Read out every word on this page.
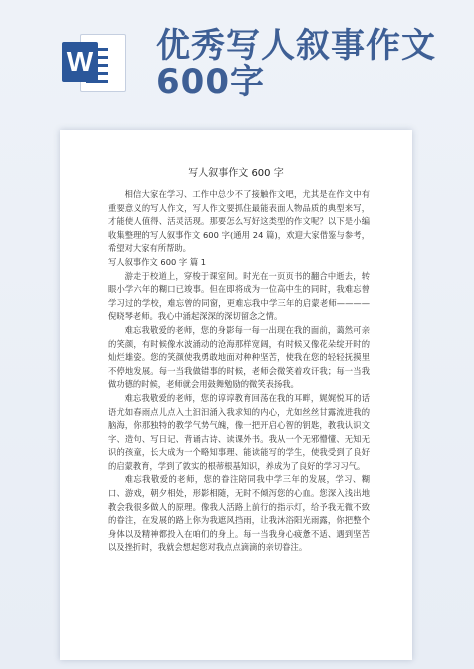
W 优秀写人叙事作文
600字
写人叙事作文 600 字

相信大家在学习、工作中总少不了接触作文吧，尤其是在作文中有重要意义的写人作文，写人作文要抓住最能表面人物品质的典型来写，才能使人值得、活灵活现。那要怎么写好这类型的作文呢？以下是小编收集整理的写人叙事作文 600 字(通用 24 篇)，欢迎大家借鉴与参考，希望对大家有所帮助。

写人叙事作文 600 字 篇 1

游走于校道上，穿梭于课室间。时光在一页页书的翻合中逝去，转眼小学六年的糊口已竣事。但在即将成为一位高中生的同时，我难忘曾学习过的学校，难忘曾的同窗，更难忘我中学三年的启蒙老师————倪晓琴老师。我心中涌起深深的深切留念之情。

难忘我敬爱的老师，您的身影每一每一出现在我的面前，蔼然可亲的笑颜，有时候像水波涌动的沧海那样宽阔，有时候又像花朵绽开时的灿烂雄姿。您的笑颜使我勇敢地面对种种坚苦，使我在您的轻轻抚摸里不停地发展。每一当我做错事的时候，老师会微笑着攻讦我；每一当我做功德的时候，老师就会用鼓舞勉励的微笑表扬我。

难忘我敬爱的老师，您的谆谆教育回荡在我的耳畔，娓娓悦耳的话语尤如春雨点儿点入土汩汩涌入我求知的内心，尤如丝丝甘露流进我的脑海，你那独特的教学气势气魄，像一把开启心智的钥匙，教我认识文字、造句、写日记、背诵古诗、读课外书。我从一个无邪懵懂、无知无识的孩童，长大成为一个略知事理、能读能写的学生，使我受到了良好的启蒙教育，学到了敦实的根蒂根基知识，养成为了良好的学习习气。

难忘我敬爱的老师，您的眷注陪同我中学三年的发展，学习、糊口、游戏，朝夕相处，形影相随，无时不倾泻您的心血。您深入浅出地教会我很多做人的原理。像我人活路上前行的指示灯，给予我无微不致的眷注，在发展的路上你为我遮风挡雨，让我沐浴阳光雨露，你把整个身体以及精神都投入在咱们的身上。每一当我身心疲惫不适、遇到坚苦以及挫折时，我就会想起您对我点点滴滴的亲切眷注。
